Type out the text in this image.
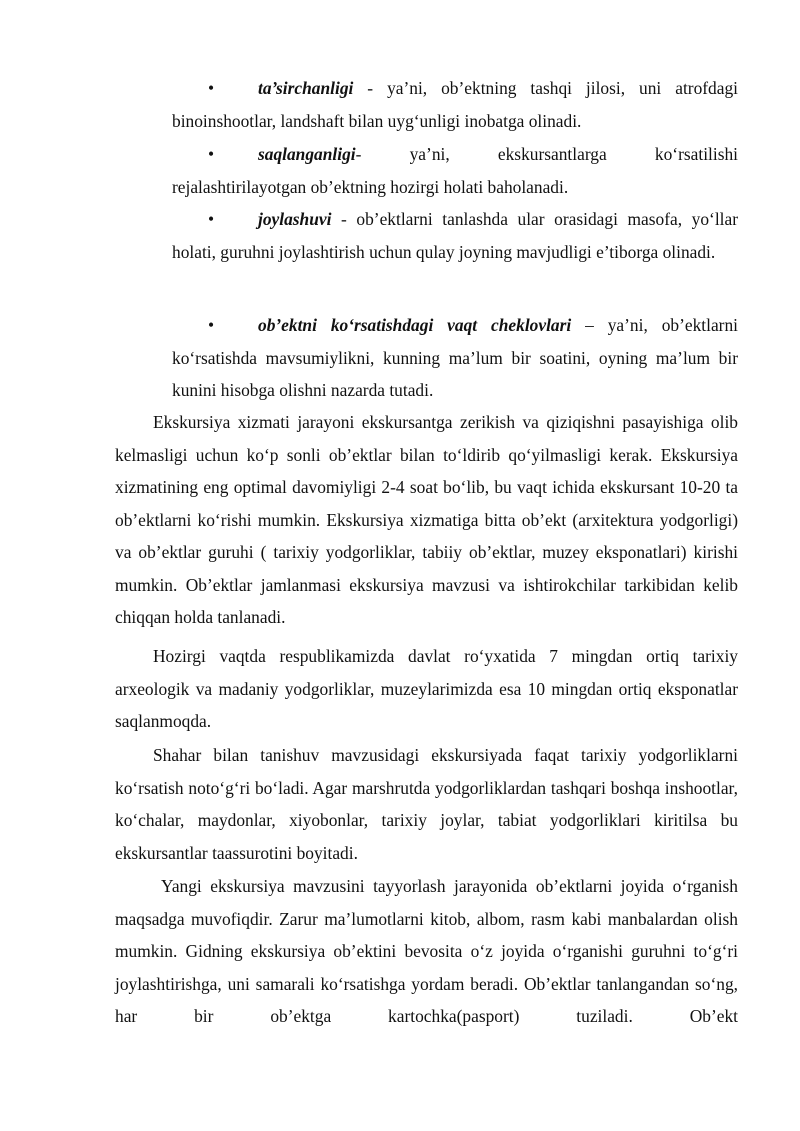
•	ta’sirchanligi - ya’ni, ob’ektning tashqi jilosi, uni atrofdagi binoinshootlar, landshaft bilan uyg‘unligi inobatga olinadi.
•	saqlanganligi- ya’ni, ekskursantlarga ko‘rsatilishi rejalashtirilayotgan ob’ektning hozirgi holati baholanadi.
•	joylashuvi - ob’ektlarni tanlashda ular orasidagi masofa, yo‘llar holati, guruhni joylashtirish uchun qulay joyning mavjudligi e’tiborga olinadi.
•	ob’ektni ko‘rsatishdagi vaqt cheklovlari – ya’ni, ob’ektlarni ko‘rsatishda mavsumiylikni, kunning ma’lum bir soatini, oyning ma’lum bir kunini hisobga olishni nazarda tutadi.

Ekskursiya xizmati jarayoni ekskursantga zerikish va qiziqishni pasayishiga olib kelmasligi uchun ko‘p sonli ob’ektlar bilan to‘ldirib qo‘yilmasligi kerak. Ekskursiya xizmatining eng optimal davomiyligi 2-4 soat bo‘lib, bu vaqt ichida ekskursant 10-20 ta ob’ektlarni ko‘rishi mumkin. Ekskursiya xizmatiga bitta ob’ekt (arxitektura yodgorligi) va ob’ektlar guruhi ( tarixiy yodgorliklar, tabiiy ob’ektlar, muzey eksponatlari) kirishi mumkin. Ob’ektlar jamlanmasi ekskursiya mavzusi va ishtirokchilar tarkibidan kelib chiqqan holda tanlanadi.

Hozirgi vaqtda respublikamizda davlat ro‘yxatida 7 mingdan ortiq tarixiy arxeologik va madaniy yodgorliklar, muzeylarimizda esa 10 mingdan ortiq eksponatlar saqlanmoqda.

Shahar bilan tanishuv mavzusidagi ekskursiyada faqat tarixiy yodgorliklarni ko‘rsatish noto‘g‘ri bo‘ladi. Agar marshrutda yodgorliklardan tashqari boshqa inshootlar, ko‘chalar, maydonlar, xiyobonlar, tarixiy joylar, tabiat yodgorliklari kiritilsa bu ekskursantlar taassurotini boyitadi.

Yangi ekskursiya mavzusini tayyorlash jarayonida ob’ektlarni joyida o‘rganish maqsadga muvofiqdir. Zarur ma’lumotlarni kitob, albom, rasm kabi manbalardan olish mumkin. Gidning ekskursiya ob’ektini bevosita o‘z joyida o‘rganishi guruhni to‘g‘ri joylashtirishga, uni samarali ko‘rsatishga yordam beradi. Ob’ektlar tanlangandan so‘ng, har bir ob’ektga kartochka(pasport) tuziladi. Ob’ekt
